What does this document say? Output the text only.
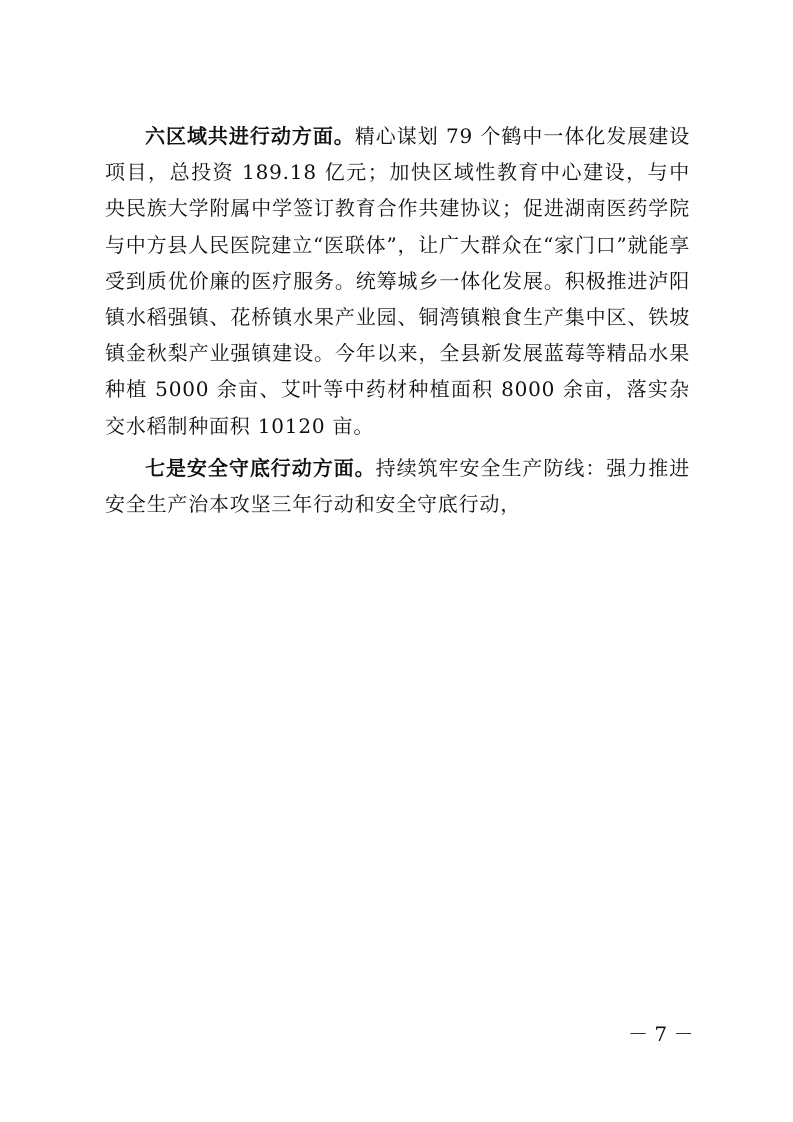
六区域共进行动方面。精心谋划 79 个鹤中一体化发展建设项目，总投资 189.18 亿元；加快区域性教育中心建设，与中央民族大学附属中学签订教育合作共建协议；促进湖南医药学院与中方县人民医院建立“医联体”，让广大群众在“家门口”就能享受到质优价廉的医疗服务。统筹城乡一体化发展。积极推进泸阳镇水稻强镇、花桥镇水果产业园、铜湾镇粮食生产集中区、铁坡镇金秋梨产业强镇建设。今年以来，全县新发展蓝莓等精品水果种植 5000 余亩、艾叶等中药材种植面积 8000 余亩，落实杂交水稻制种面积 10120 亩。

七是安全守底行动方面。持续筑牢安全生产防线：强力推进安全生产治本攻坚三年行动和安全守底行动，

－ 7 －
